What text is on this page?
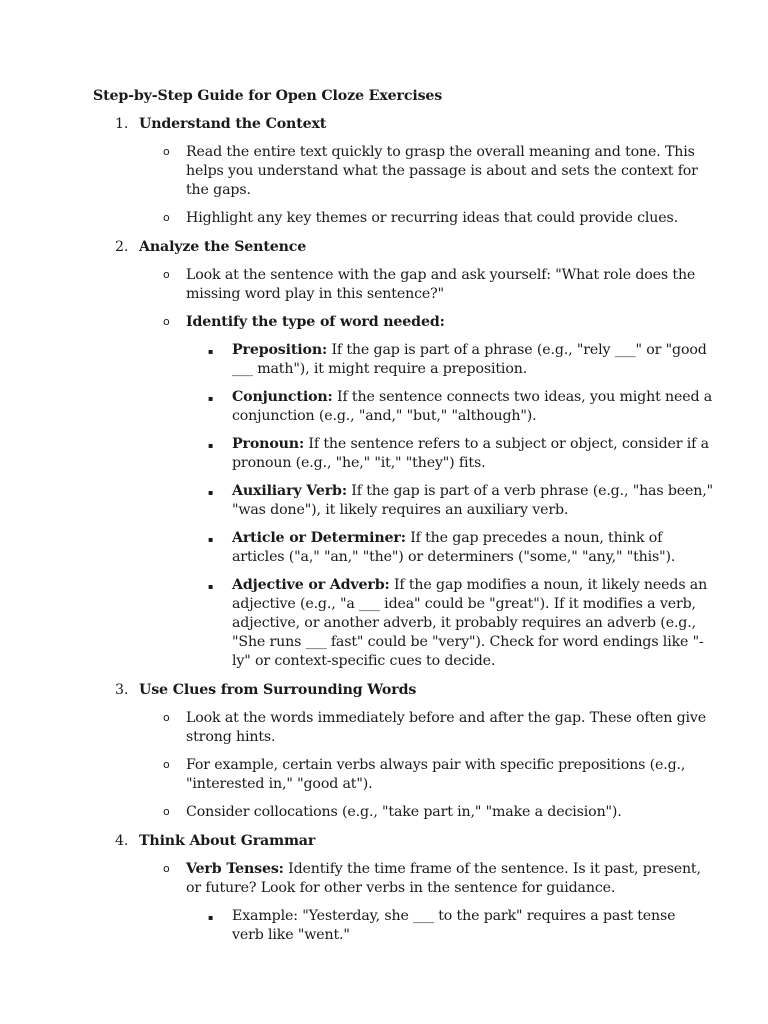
Step-by-Step Guide for Open Cloze Exercises
1. Understand the Context
o Read the entire text quickly to grasp the overall meaning and tone. This
helps you understand what the passage is about and sets the context for
the gaps.
o Highlight any key themes or recurring ideas that could provide clues.
2. Analyze the Sentence
o Look at the sentence with the gap and ask yourself: "What role does the
missing word play in this sentence?"
o Identify the type of word needed:
▪ Preposition: If the gap is part of a phrase (e.g., "rely ___" or "good
___ math"), it might require a preposition.
▪ Conjunction: If the sentence connects two ideas, you might need a
conjunction (e.g., "and," "but," "although").
▪ Pronoun: If the sentence refers to a subject or object, consider if a
pronoun (e.g., "he," "it," "they") fits.
▪ Auxiliary Verb: If the gap is part of a verb phrase (e.g., "has been,"
"was done"), it likely requires an auxiliary verb.
▪ Article or Determiner: If the gap precedes a noun, think of
articles ("a," "an," "the") or determiners ("some," "any," "this").
▪ Adjective or Adverb: If the gap modifies a noun, it likely needs an
adjective (e.g., "a ___ idea" could be "great"). If it modifies a verb,
adjective, or another adverb, it probably requires an adverb (e.g.,
"She runs ___ fast" could be "very"). Check for word endings like "-
ly" or context-specific cues to decide.
3. Use Clues from Surrounding Words
o Look at the words immediately before and after the gap. These often give
strong hints.
o For example, certain verbs always pair with specific prepositions (e.g.,
"interested in," "good at").
o Consider collocations (e.g., "take part in," "make a decision").
4. Think About Grammar
o Verb Tenses: Identify the time frame of the sentence. Is it past, present,
or future? Look for other verbs in the sentence for guidance.
▪ Example: "Yesterday, she ___ to the park" requires a past tense
verb like "went."
